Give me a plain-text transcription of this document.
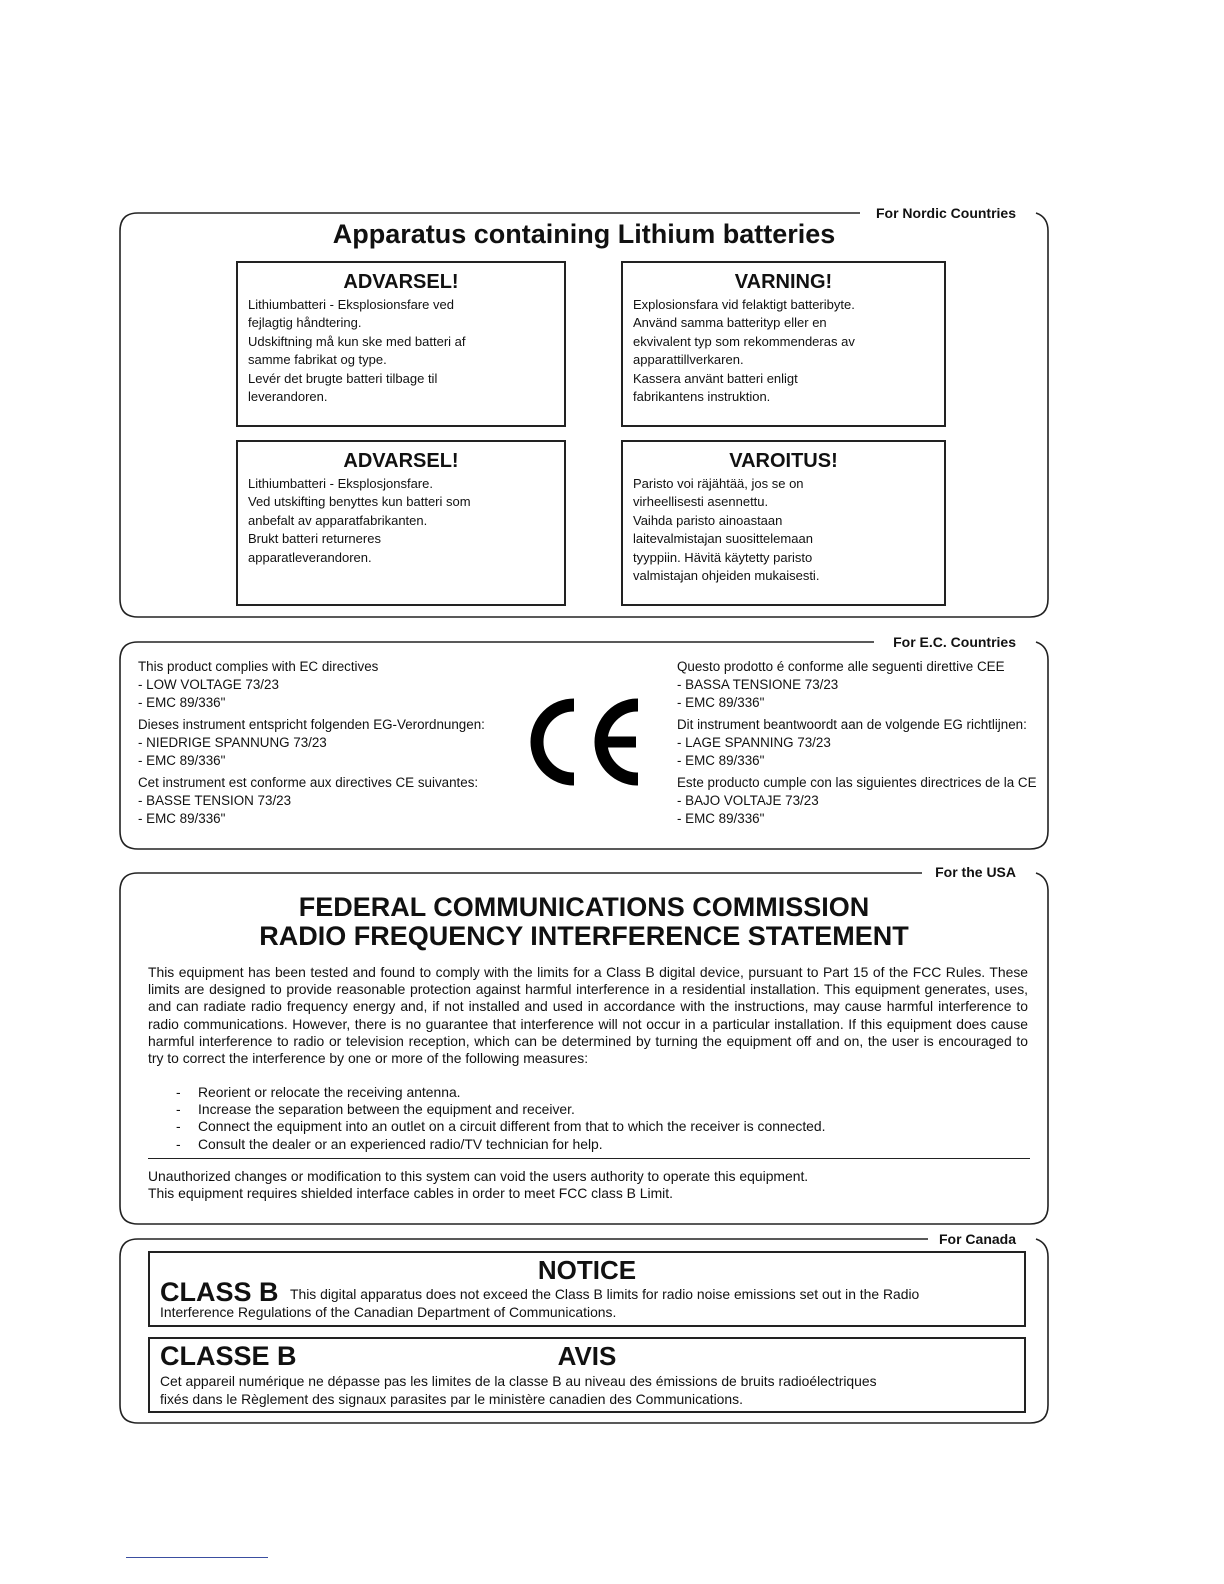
For Nordic Countries
Apparatus containing Lithium batteries
ADVARSEL!
Lithiumbatteri - Eksplosionsfare ved
fejlagtig håndtering.
Udskiftning må kun ske med batteri af
samme fabrikat og type.
Levér det brugte batteri tilbage til
leverandoren.
VARNING!
Explosionsfara vid felaktigt batteribyte.
Använd samma batterityp eller en
ekvivalent typ som rekommenderas av
apparattillverkaren.
Kassera använt batteri enligt
fabrikantens instruktion.
ADVARSEL!
Lithiumbatteri - Eksplosjonsfare.
Ved utskifting benyttes kun batteri som
anbefalt av apparatfabrikanten.
Brukt batteri returneres
apparatleverandoren.
VAROITUS!
Paristo voi räjähtää, jos se on
virheellisesti asennettu.
Vaihda paristo ainoastaan
laitevalmistajan suosittelemaan
tyyppiin. Hävitä käytetty paristo
valmistajan ohjeiden mukaisesti.
For E.C. Countries
This product complies with EC directives
- LOW VOLTAGE 73/23
- EMC 89/336"
Dieses instrument entspricht folgenden EG-Verordnungen:
- NIEDRIGE SPANNUNG 73/23
- EMC 89/336"
Cet instrument est conforme aux directives CE suivantes:
- BASSE TENSION 73/23
- EMC 89/336"
Questo prodotto é conforme alle seguenti direttive CEE
- BASSA TENSIONE 73/23
- EMC 89/336"
Dit instrument beantwoordt aan de volgende EG richtlijnen:
- LAGE SPANNING 73/23
- EMC 89/336"
Este producto cumple con las siguientes directrices de la CE
- BAJO VOLTAJE 73/23
- EMC 89/336"
For the USA
FEDERAL COMMUNICATIONS COMMISSION
RADIO FREQUENCY INTERFERENCE STATEMENT
This equipment has been tested and found to comply with the limits for a Class B digital device, pursuant to Part 15 of the FCC Rules. These limits are designed to provide reasonable protection against harmful interference in a residential installation. This equipment generates, uses, and can radiate radio frequency energy and, if not installed and used in accordance with the instructions, may cause harmful interference to radio communications. However, there is no guarantee that interference will not occur in a particular installation. If this equipment does cause harmful interference to radio or television reception, which can be determined by turning the equipment off and on, the user is encouraged to try to correct the interference by one or more of the following measures:
-	Reorient or relocate the receiving antenna.
-	Increase the separation between the equipment and receiver.
-	Connect the equipment into an outlet on a circuit different from that to which the receiver is connected.
-	Consult the dealer or an experienced radio/TV technician for help.
Unauthorized changes or modification to this system can void the users authority to operate this equipment.
This equipment requires shielded interface cables in order to meet FCC class B Limit.
For Canada
NOTICE
CLASS B This digital apparatus does not exceed the Class B limits for radio noise emissions set out in the Radio
Interference Regulations of the Canadian Department of Communications.
AVIS
CLASSE B
Cet appareil numérique ne dépasse pas les limites de la classe B au niveau des émissions de bruits radioélectriques
fixés dans le Règlement des signaux parasites par le ministère canadien des Communications.
